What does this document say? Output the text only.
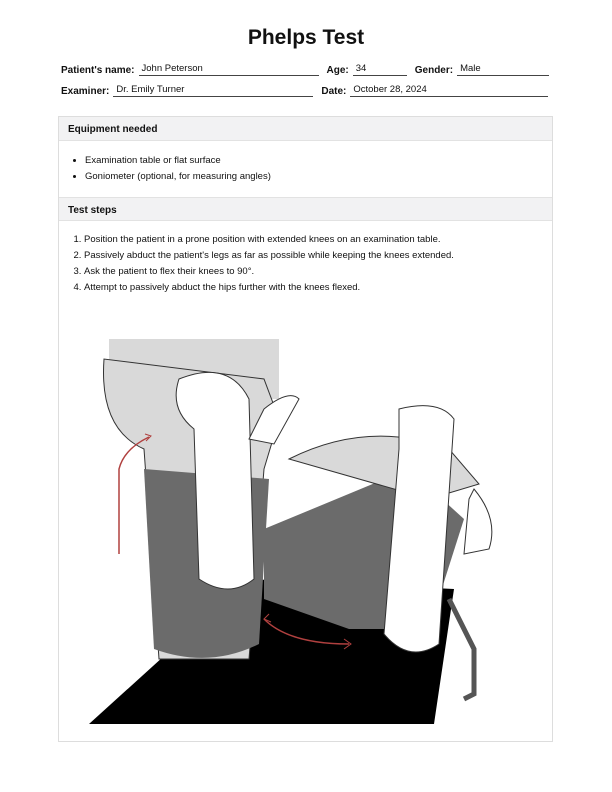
Phelps Test
Patient's name: John Peterson	Age: 34	Gender: Male
Examiner: Dr. Emily Turner	Date: October 28, 2024
Equipment needed
• Examination table or flat surface
• Goniometer (optional, for measuring angles)
Test steps
1. Position the patient in a prone position with extended knees on an examination table.
2. Passively abduct the patient's legs as far as possible while keeping the knees extended.
3. Ask the patient to flex their knees to 90°.
4. Attempt to passively abduct the hips further with the knees flexed.
